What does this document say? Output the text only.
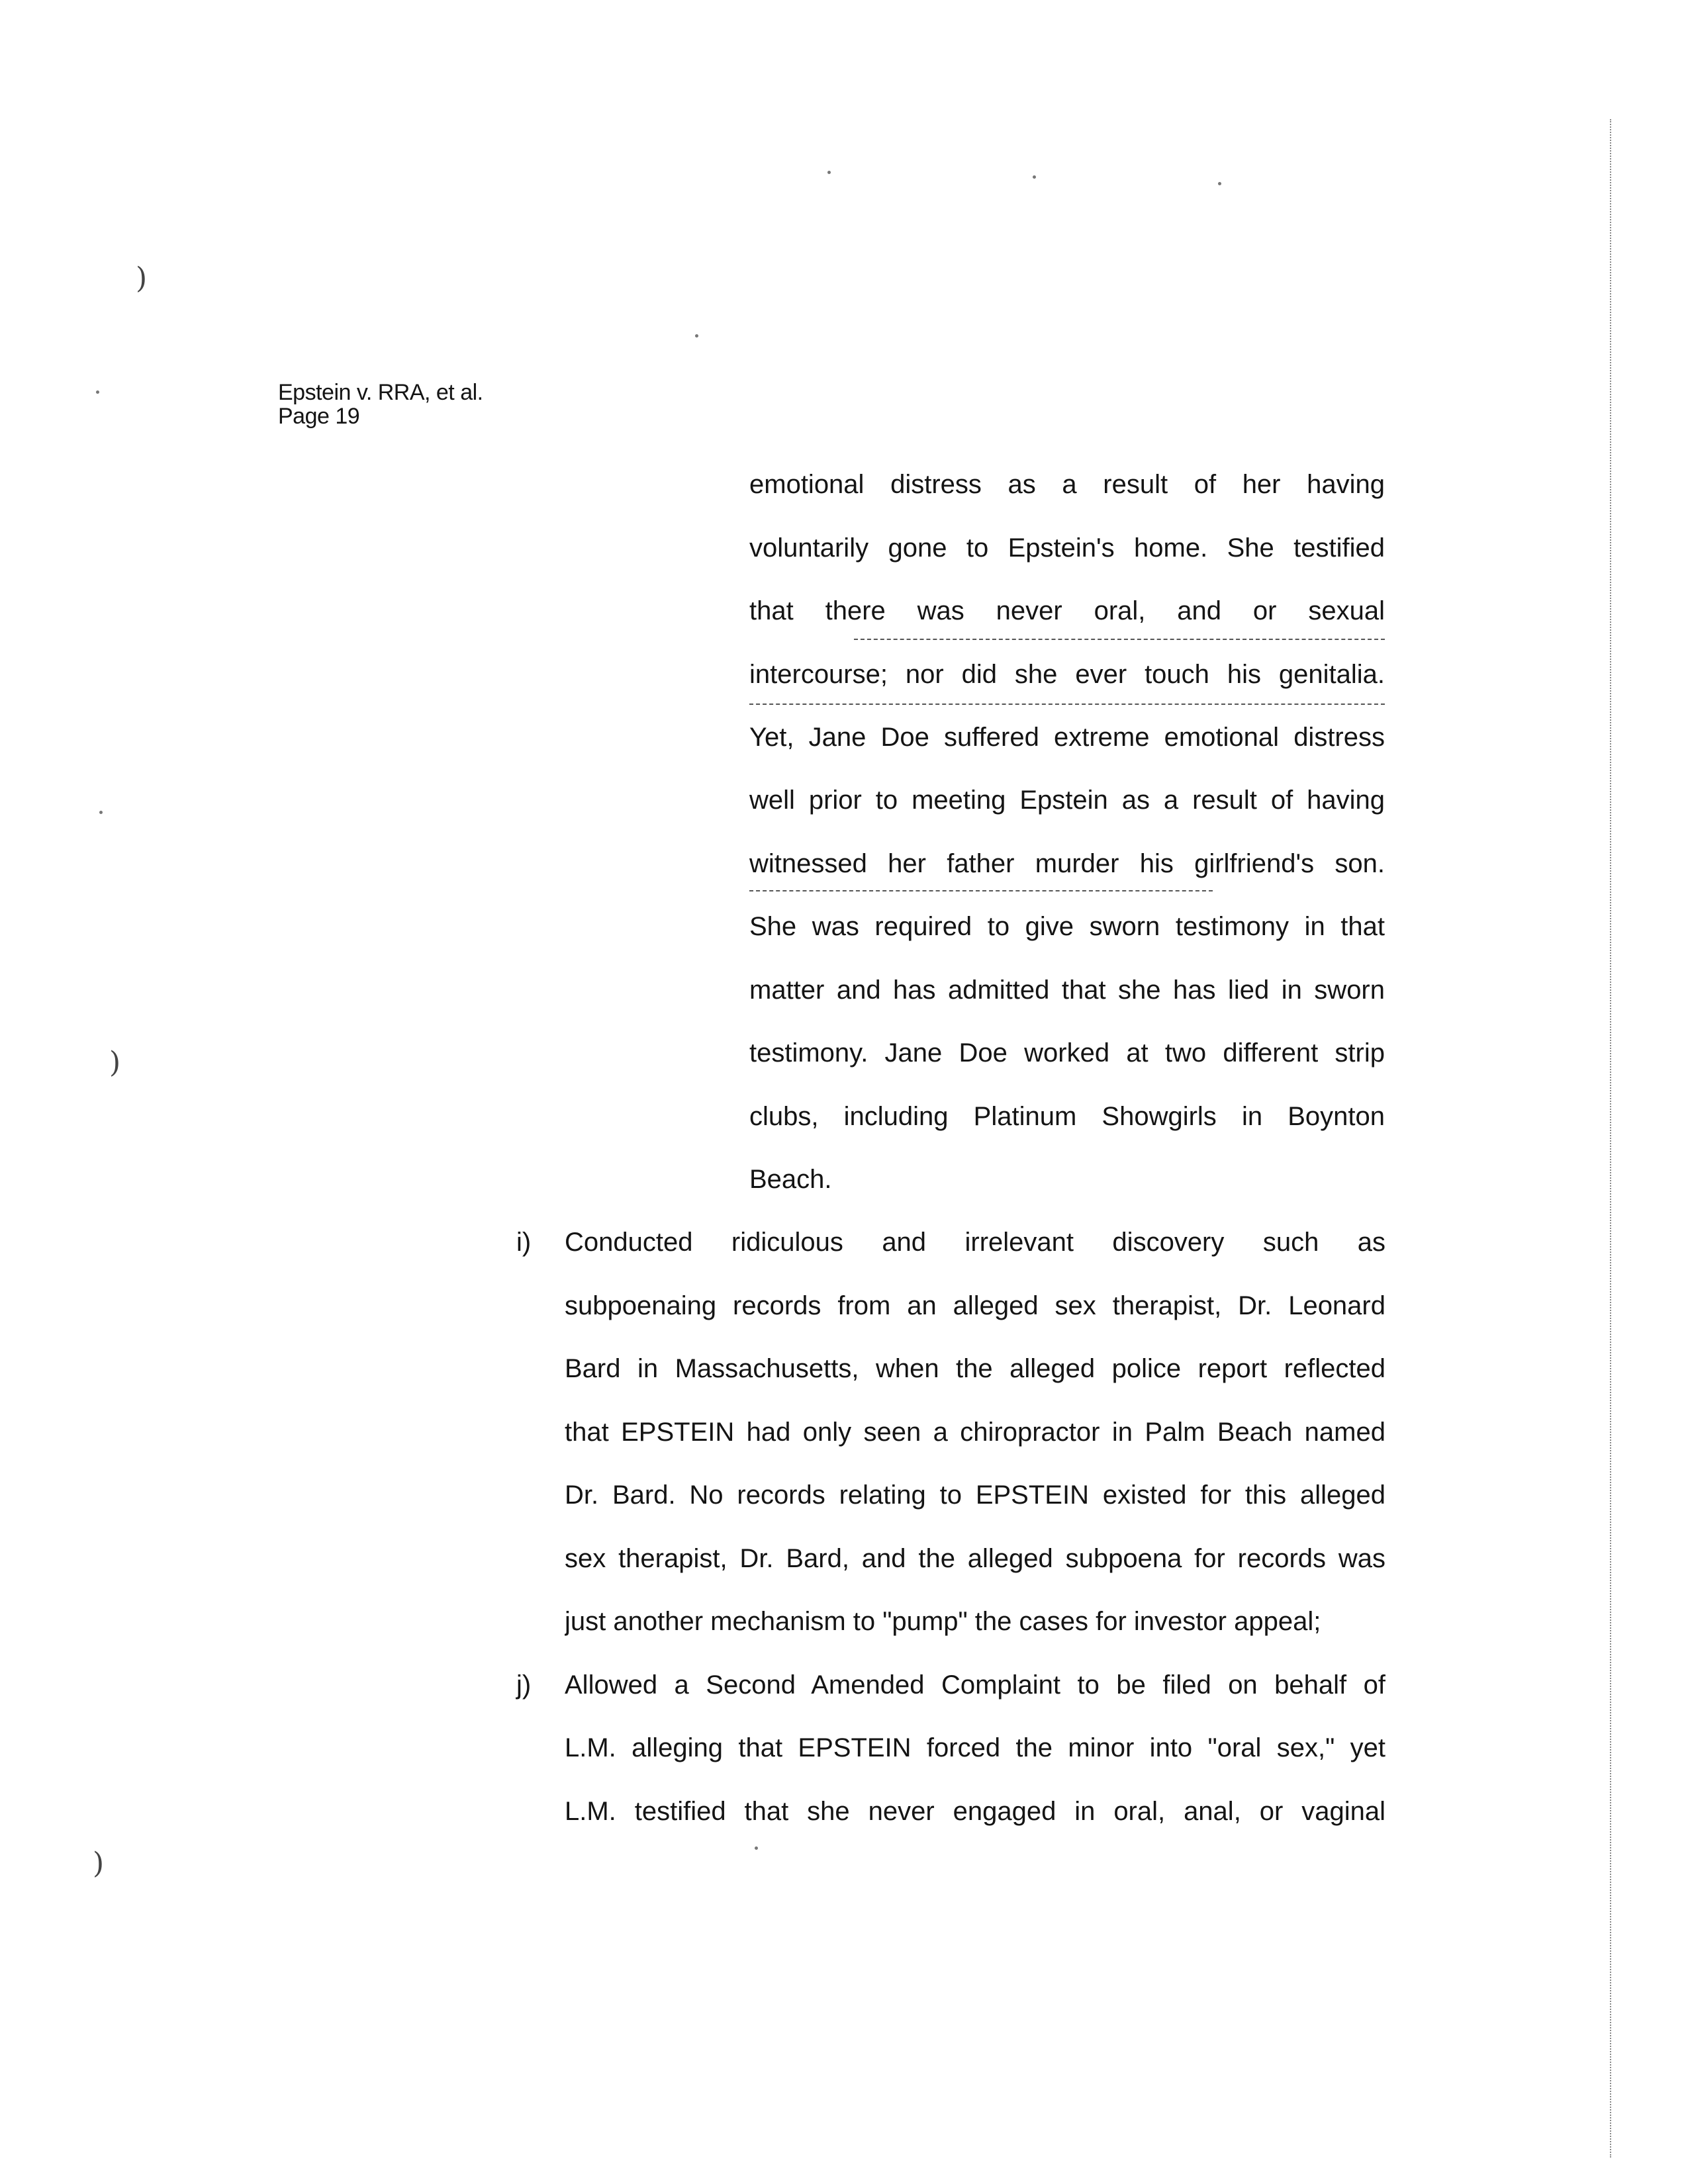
)
)
)
Epstein v. RRA, et al.
Page 19
emotional distress as a result of her having
voluntarily gone to Epstein's home. She testified
that there was never oral, and or sexual
intercourse; nor did she ever touch his genitalia.
Yet, Jane Doe suffered extreme emotional distress
well prior to meeting Epstein as a result of having
witnessed her father murder his girlfriend's son.
She was required to give sworn testimony in that
matter and has admitted that she has lied in sworn
testimony. Jane Doe worked at two different strip
clubs, including Platinum Showgirls in Boynton
Beach.
i) Conducted ridiculous and irrelevant discovery such as
subpoenaing records from an alleged sex therapist, Dr. Leonard
Bard in Massachusetts, when the alleged police report reflected
that EPSTEIN had only seen a chiropractor in Palm Beach named
Dr. Bard. No records relating to EPSTEIN existed for this alleged
sex therapist, Dr. Bard, and the alleged subpoena for records was
just another mechanism to "pump" the cases for investor appeal;
j) Allowed a Second Amended Complaint to be filed on behalf of
L.M. alleging that EPSTEIN forced the minor into "oral sex," yet
L.M. testified that she never engaged in oral, anal, or vaginal
